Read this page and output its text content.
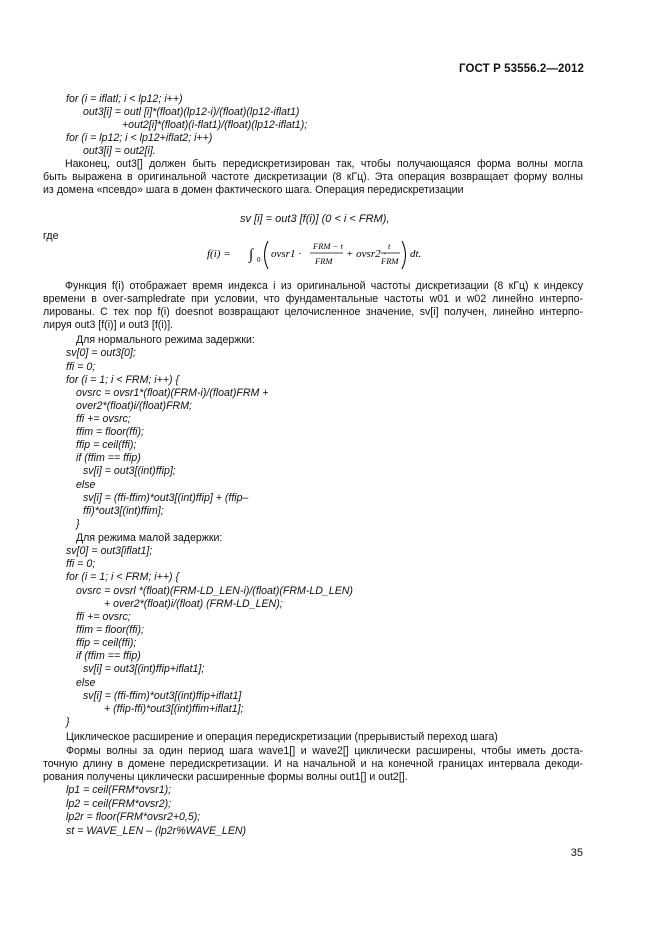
ГОСТ Р 53556.2—2012
for (i = iflatl; i < lp12; i++)
out3[i] = outl [i]*(float)(lp12-i)/(float)(lp12-iflat1)
+out2[i]*(float)(i-flat1)/(float)(lp12-iflat1);
for (i = lp12; i < lp12+iflat2; i++)
out3[i] = out2[i].
Наконец, out3[] должен быть передискретизирован так, чтобы получающаяся форма волны могла
быть выражена в оригинальной частоте дискретизации (8 кГц). Эта операция возвращает форму волны
из домена «псевдо» шага в домен фактического шага. Операция передискретизации
sv [i] = out3 [f(i)] (0 < i < FRM),
где
f(i) = ∫ 0 ovsr1 ·
FRM − t
FRM
+ ovsr2 ·
t
FRM
dt.
Функция f(i) отображает время индекса i из оригинальной частоты дискретизации (8 кГц) к индексу
времени в over-sampledrate при условии, что фундаментальные частоты w01 и w02 линейно интерпо-
лированы. С тех пор f(i) doesnot возвращают целочисленное значение, sv[i] получен, линейно интерпо-
лируя out3 [f(i)] и out3 [f(i)].
Для нормального режима задержки:
sv[0] = out3[0];
ffi = 0;
for (i = 1; i < FRM; i++) {
ovsrc = ovsr1*(float)(FRM-i)/(float)FRM +
over2*(float)i/(float)FRM;
ffi += ovsrc;
ffim = floor(ffi);
ffip = ceil(ffi);
if (ffim == ffip)
sv[i] = out3[(int)ffip];
else
sv[i] = (ffi-ffim)*out3[(int)ffip] + (ffip–
ffi)*out3[(int)ffim];
}
Для режима малой задержки:
sv[0] = out3[iflat1];
ffi = 0;
for (i = 1; i < FRM; i++) {
ovsrc = ovsrl *(float)(FRM-LD_LEN-i)/(float)(FRM-LD_LEN)
+ over2*(float)i/(float) (FRM-LD_LEN);
ffi += ovsrc;
ffim = floor(ffi);
ffip = ceil(ffi);
if (ffim == ffip)
sv[i] = out3[(int)ffip+iflat1];
else
sv[i] = (ffi-ffim)*out3[(int)ffip+iflat1]
+ (ffip-ffi)*out3[(int)ffim+iflat1];
}
Циклическое расширение и операция передискретизации (прерывистый переход шага)
Формы волны за один период шага wave1[] и wave2[] циклически расширены, чтобы иметь доста-
точную длину в домене передискретизации. И на начальной и на конечной границах интервала декоди-
рования получены циклически расширенные формы волны out1[] и out2[].
lp1 = ceil(FRM*ovsr1);
lp2 = ceil(FRM*ovsr2);
lp2r = floor(FRM*ovsr2+0,5);
st = WAVE_LEN – (lp2r%WAVE_LEN)
35
